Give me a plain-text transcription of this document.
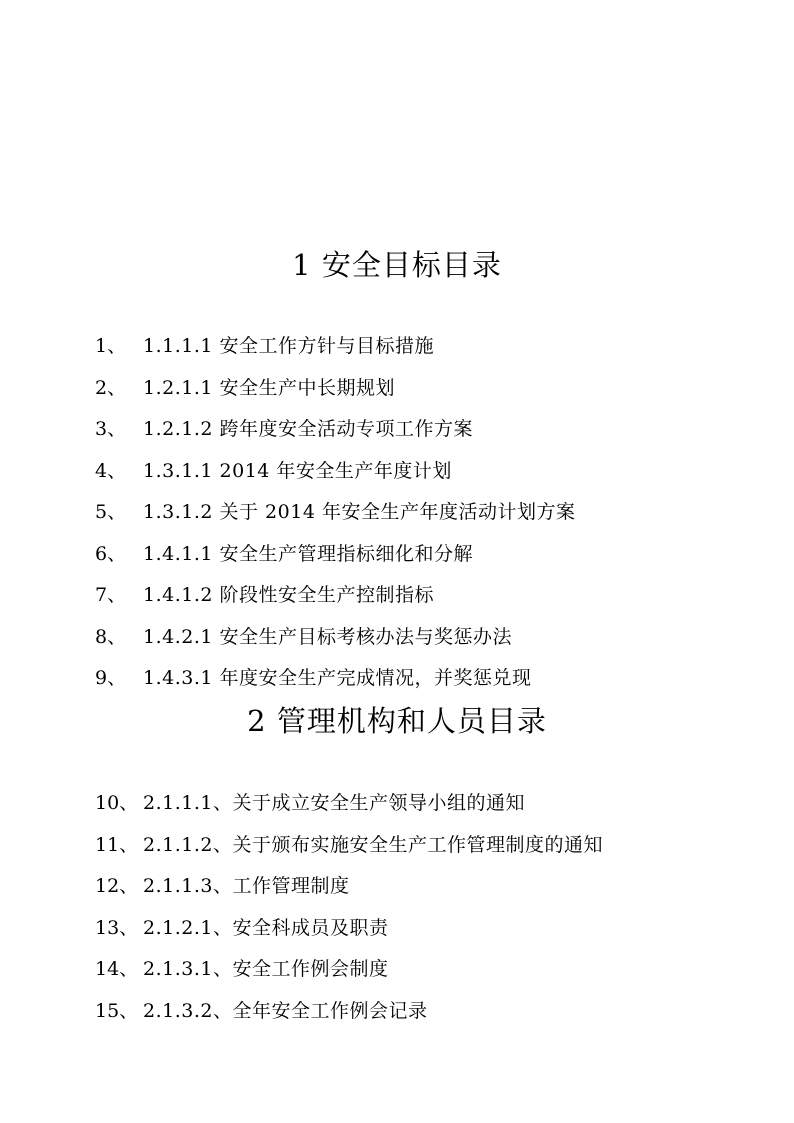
1 安全目标目录
1、 1.1.1.1 安全工作方针与目标措施
2、 1.2.1.1 安全生产中长期规划
3、 1.2.1.2 跨年度安全活动专项工作方案
4、 1.3.1.1 2014 年安全生产年度计划
5、 1.3.1.2 关于 2014 年安全生产年度活动计划方案
6、 1.4.1.1 安全生产管理指标细化和分解
7、 1.4.1.2 阶段性安全生产控制指标
8、 1.4.2.1 安全生产目标考核办法与奖惩办法
9、 1.4.3.1 年度安全生产完成情况，并奖惩兑现
2 管理机构和人员目录
10、 2.1.1.1、关于成立安全生产领导小组的通知
11、 2.1.1.2、关于颁布实施安全生产工作管理制度的通知
12、 2.1.1.3、工作管理制度
13、 2.1.2.1、安全科成员及职责
14、 2.1.3.1、安全工作例会制度
15、 2.1.3.2、全年安全工作例会记录
